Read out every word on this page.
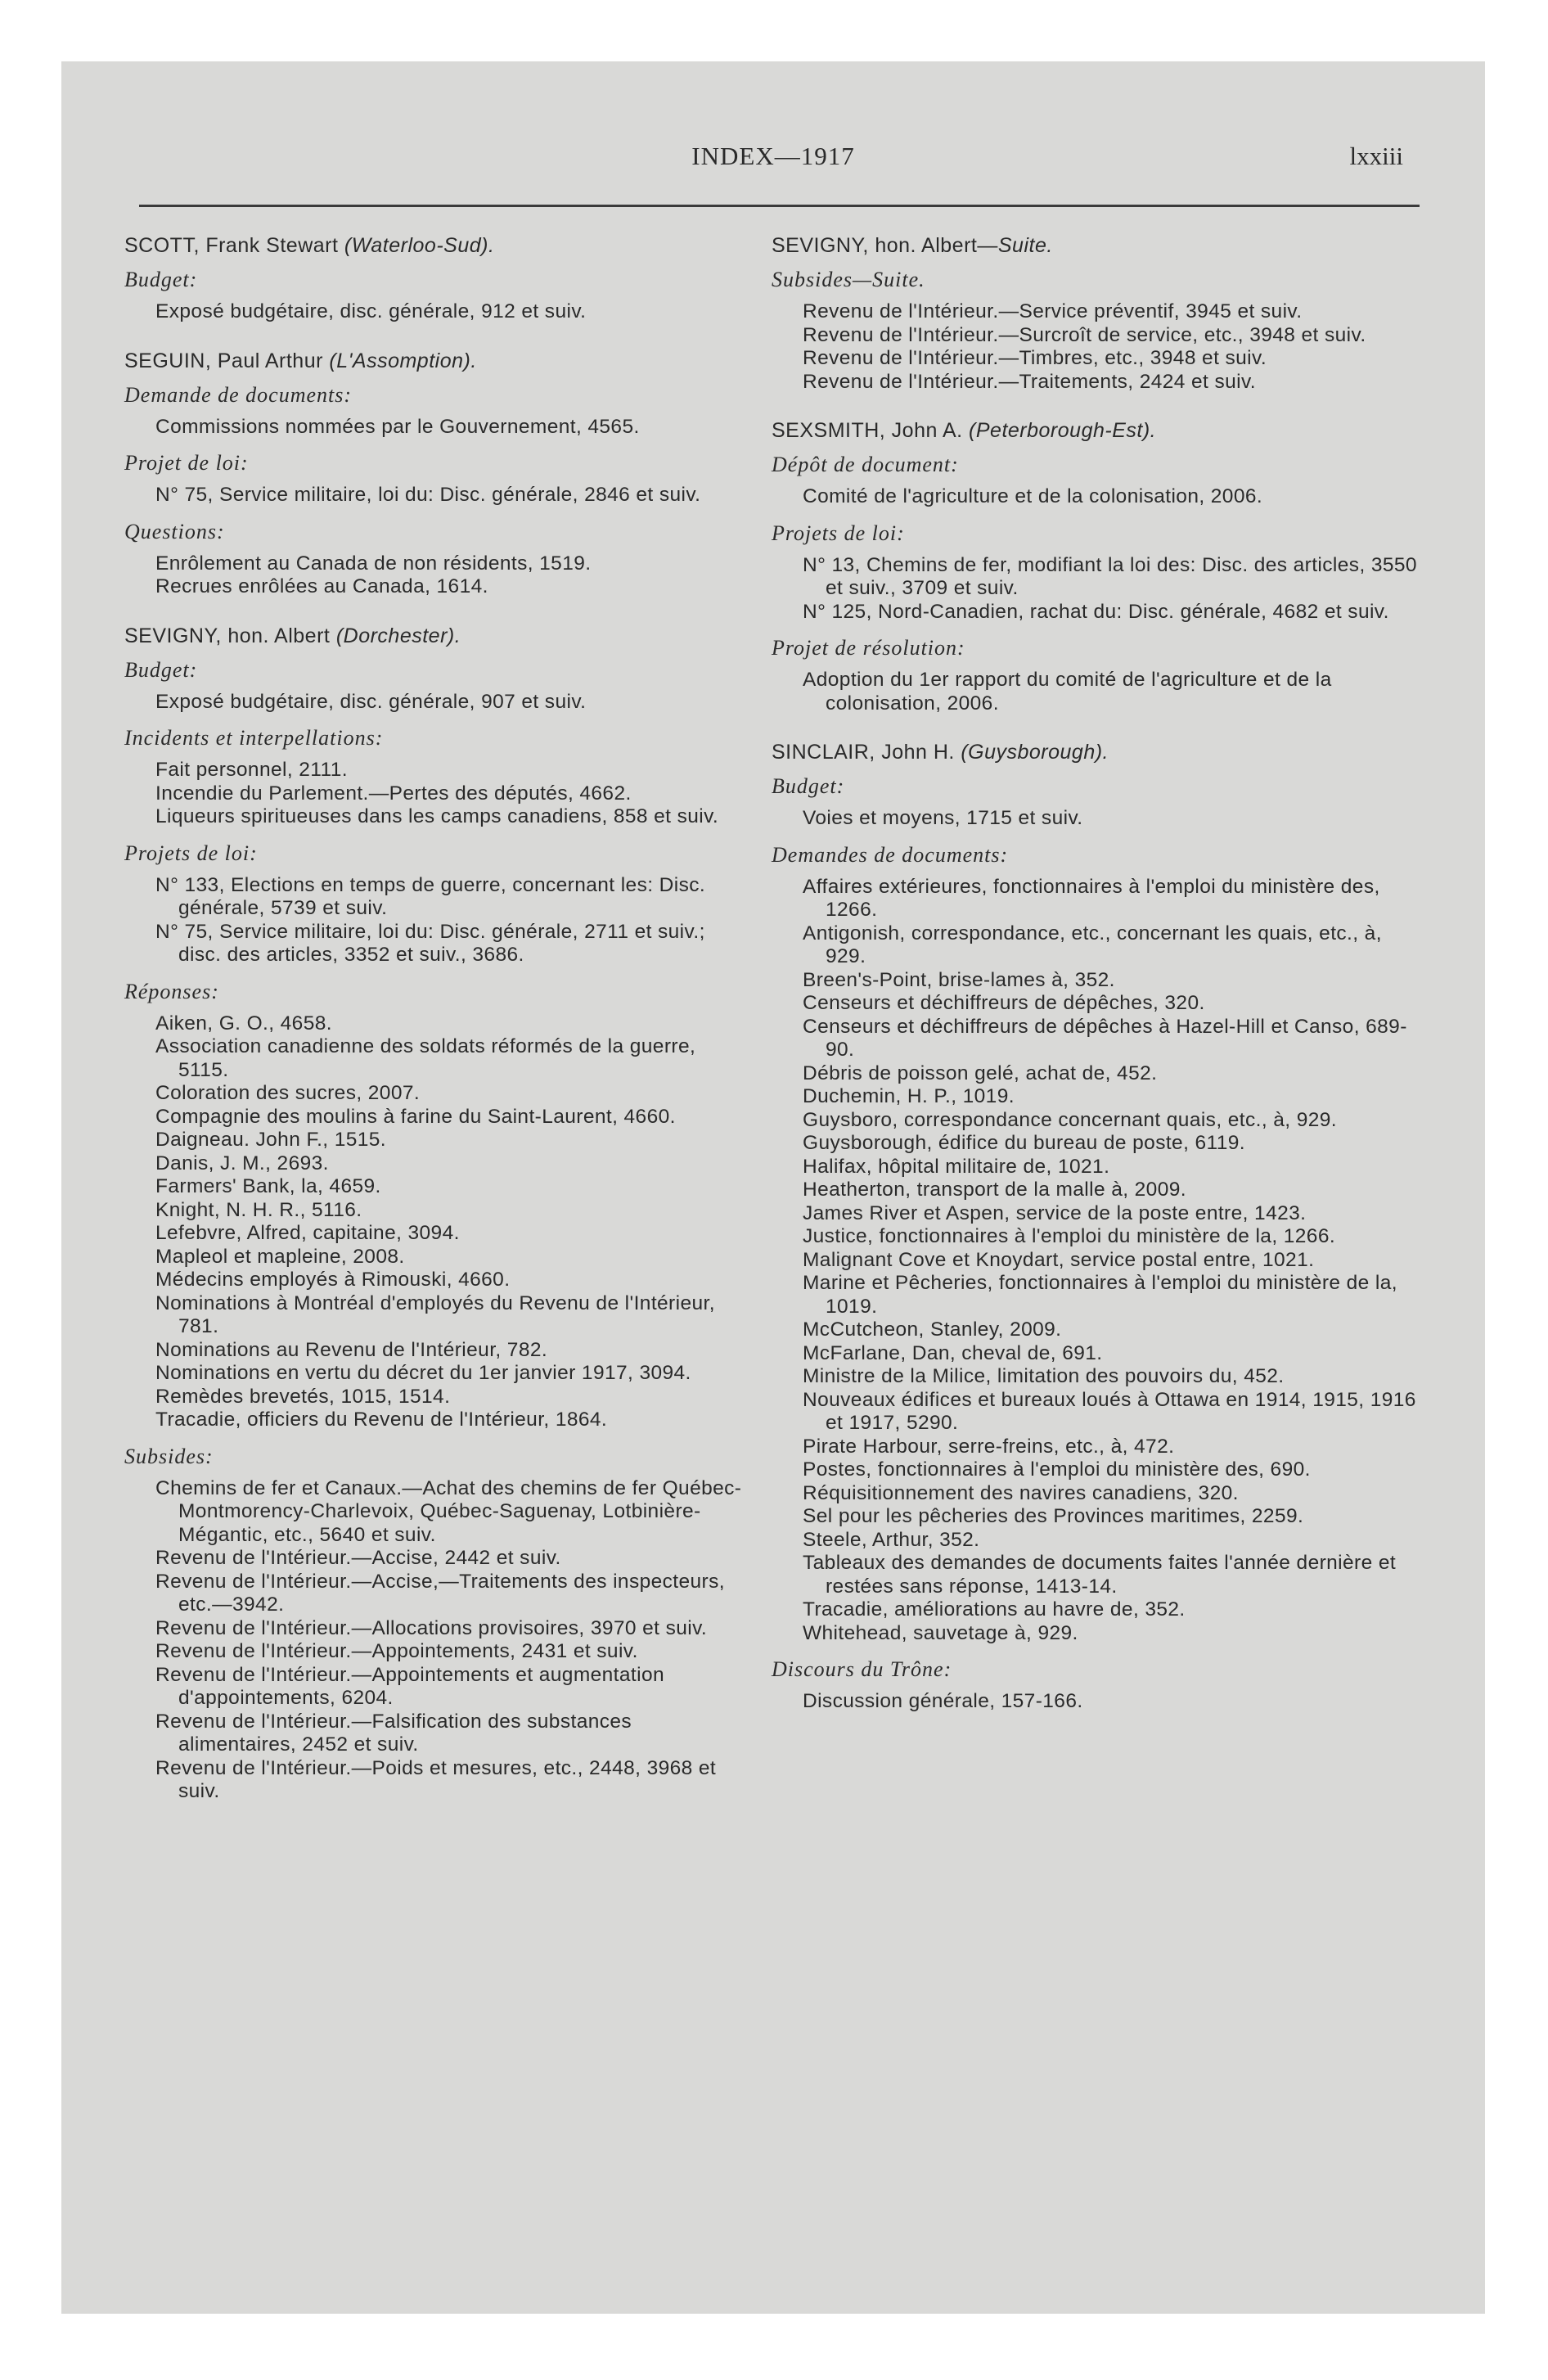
INDEX—1917	lxxiii
SCOTT, Frank Stewart (Waterloo-Sud).
Budget:
Exposé budgétaire, disc. générale, 912 et suiv.
SEGUIN, Paul Arthur (L'Assomption).
Demande de documents:
Commissions nommées par le Gouvernement, 4565.
Projet de loi:
N° 75, Service militaire, loi du: Disc. générale, 2846 et suiv.
Questions:
Enrôlement au Canada de non résidents, 1519.
Recrues enrôlées au Canada, 1614.
SEVIGNY, hon. Albert (Dorchester).
Budget:
Exposé budgétaire, disc. générale, 907 et suiv.
Incidents et interpellations:
Fait personnel, 2111.
Incendie du Parlement.—Pertes des députés, 4662.
Liqueurs spiritueuses dans les camps canadiens, 858 et suiv.
Projets de loi:
N° 133, Elections en temps de guerre, concernant les: Disc. générale, 5739 et suiv.
N° 75, Service militaire, loi du: Disc. générale, 2711 et suiv.; disc. des articles, 3352 et suiv., 3686.
Réponses:
Aiken, G. O., 4658.
Association canadienne des soldats réformés de la guerre, 5115.
Coloration des sucres, 2007.
Compagnie des moulins à farine du Saint-Laurent, 4660.
Daigneau. John F., 1515.
Danis, J. M., 2693.
Farmers' Bank, la, 4659.
Knight, N. H. R., 5116.
Lefebvre, Alfred, capitaine, 3094.
Mapleol et mapleine, 2008.
Médecins employés à Rimouski, 4660.
Nominations à Montréal d'employés du Revenu de l'Intérieur, 781.
Nominations au Revenu de l'Intérieur, 782.
Nominations en vertu du décret du 1er janvier 1917, 3094.
Remèdes brevetés, 1015, 1514.
Tracadie, officiers du Revenu de l'Intérieur, 1864.
Subsides:
Chemins de fer et Canaux.—Achat des chemins de fer Québec-Montmorency-Charlevoix, Québec-Saguenay, Lotbinière-Mégantic, etc., 5640 et suiv.
Revenu de l'Intérieur.—Accise, 2442 et suiv.
Revenu de l'Intérieur.—Accise,—Traitements des inspecteurs, etc.—3942.
Revenu de l'Intérieur.—Allocations provisoires, 3970 et suiv.
Revenu de l'Intérieur.—Appointements, 2431 et suiv.
Revenu de l'Intérieur.—Appointements et augmentation d'appointements, 6204.
Revenu de l'Intérieur.—Falsification des substances alimentaires, 2452 et suiv.
Revenu de l'Intérieur.—Poids et mesures, etc., 2448, 3968 et suiv.
SEVIGNY, hon. Albert—Suite.
Subsides—Suite.
Revenu de l'Intérieur.—Service préventif, 3945 et suiv.
Revenu de l'Intérieur.—Surcroît de service, etc., 3948 et suiv.
Revenu de l'Intérieur.—Timbres, etc., 3948 et suiv.
Revenu de l'Intérieur.—Traitements, 2424 et suiv.
SEXSMITH, John A. (Peterborough-Est).
Dépôt de document:
Comité de l'agriculture et de la colonisation, 2006.
Projets de loi:
N° 13, Chemins de fer, modifiant la loi des: Disc. des articles, 3550 et suiv., 3709 et suiv.
N° 125, Nord-Canadien, rachat du: Disc. générale, 4682 et suiv.
Projet de résolution:
Adoption du 1er rapport du comité de l'agriculture et de la colonisation, 2006.
SINCLAIR, John H. (Guysborough).
Budget:
Voies et moyens, 1715 et suiv.
Demandes de documents:
Affaires extérieures, fonctionnaires à l'emploi du ministère des, 1266.
Antigonish, correspondance, etc., concernant les quais, etc., à, 929.
Breen's-Point, brise-lames à, 352.
Censeurs et déchiffreurs de dépêches, 320.
Censeurs et déchiffreurs de dépêches à Hazel-Hill et Canso, 689-90.
Débris de poisson gelé, achat de, 452.
Duchemin, H. P., 1019.
Guysboro, correspondance concernant quais, etc., à, 929.
Guysborough, édifice du bureau de poste, 6119.
Halifax, hôpital militaire de, 1021.
Heatherton, transport de la malle à, 2009.
James River et Aspen, service de la poste entre, 1423.
Justice, fonctionnaires à l'emploi du ministère de la, 1266.
Malignant Cove et Knoydart, service postal entre, 1021.
Marine et Pêcheries, fonctionnaires à l'emploi du ministère de la, 1019.
McCutcheon, Stanley, 2009.
McFarlane, Dan, cheval de, 691.
Ministre de la Milice, limitation des pouvoirs du, 452.
Nouveaux édifices et bureaux loués à Ottawa en 1914, 1915, 1916 et 1917, 5290.
Pirate Harbour, serre-freins, etc., à, 472.
Postes, fonctionnaires à l'emploi du ministère des, 690.
Réquisitionnement des navires canadiens, 320.
Sel pour les pêcheries des Provinces maritimes, 2259.
Steele, Arthur, 352.
Tableaux des demandes de documents faites l'année dernière et restées sans réponse, 1413-14.
Tracadie, améliorations au havre de, 352.
Whitehead, sauvetage à, 929.
Discours du Trône:
Discussion générale, 157-166.
